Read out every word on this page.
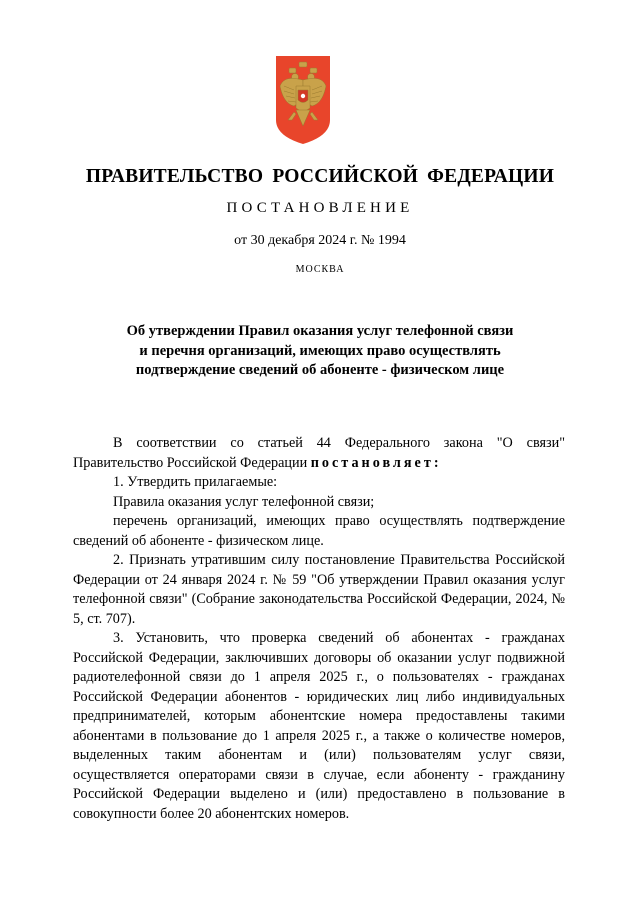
ПРАВИТЕЛЬСТВО РОССИЙСКОЙ ФЕДЕРАЦИИ
ПОСТАНОВЛЕНИЕ
от 30 декабря 2024 г. № 1994
МОСКВА
Об утверждении Правил оказания услуг телефонной связи
и перечня организаций, имеющих право осуществлять
подтверждение сведений об абоненте - физическом лице

В соответствии со статьей 44 Федерального закона "О связи" Правительство Российской Федерации постановляет:

1. Утвердить прилагаемые:

Правила оказания услуг телефонной связи;

перечень организаций, имеющих право осуществлять подтверждение сведений об абоненте - физическом лице.

2. Признать утратившим силу постановление Правительства Российской Федерации от 24 января 2024 г. № 59 "Об утверждении Правил оказания услуг телефонной связи" (Собрание законодательства Российской Федерации, 2024, № 5, ст. 707).

3. Установить, что проверка сведений об абонентах - гражданах Российской Федерации, заключивших договоры об оказании услуг подвижной радиотелефонной связи до 1 апреля 2025 г., о пользователях - гражданах Российской Федерации абонентов - юридических лиц либо индивидуальных предпринимателей, которым абонентские номера предоставлены такими абонентами в пользование до 1 апреля 2025 г., а также о количестве номеров, выделенных таким абонентам и (или) пользователям услуг связи, осуществляется операторами связи в случае, если абоненту - гражданину Российской Федерации выделено и (или) предоставлено в пользование в совокупности более 20 абонентских номеров.
